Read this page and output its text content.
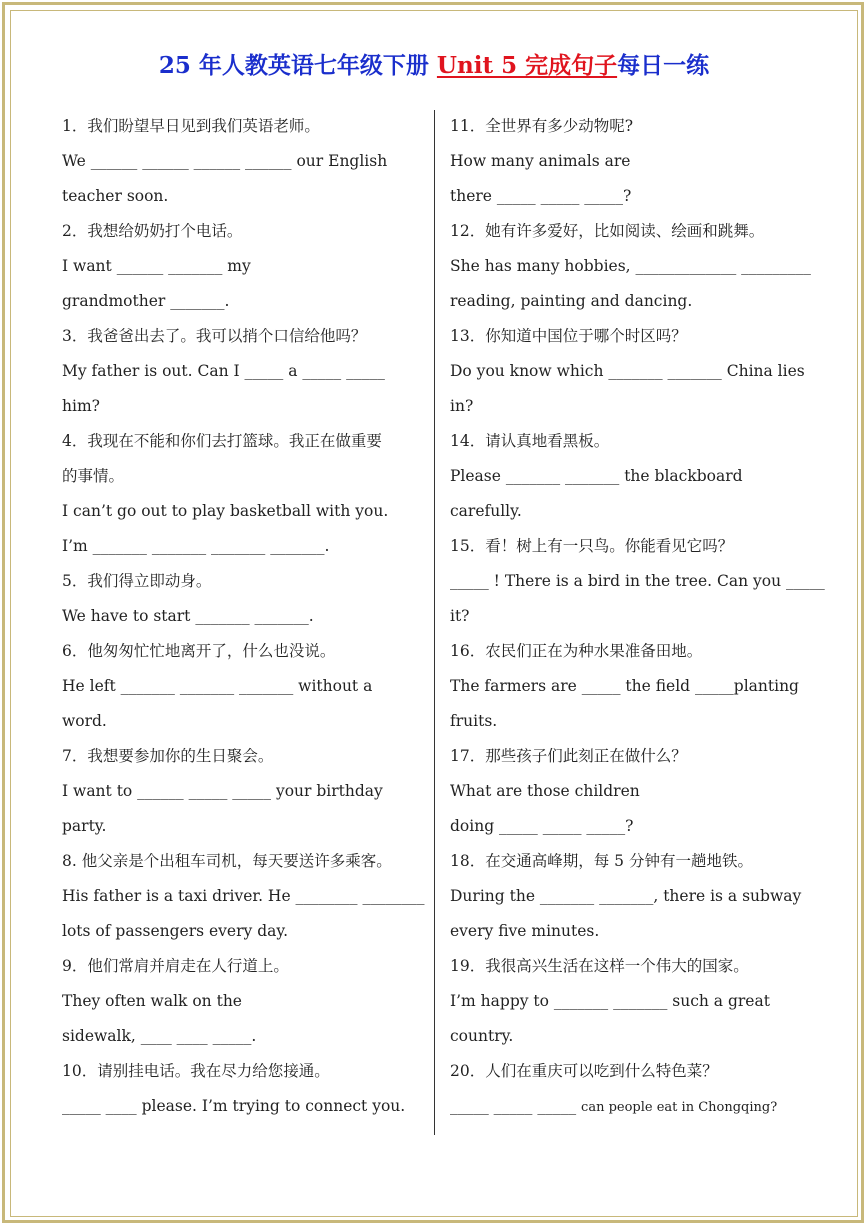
25 年人教英语七年级下册 Unit 5 完成句子每日一练
1．我们盼望早日见到我们英语老师。
We ______ ______ ______ ______ our English
teacher soon.
2．我想给奶奶打个电话。
I want ______ _______ my
grandmother _______.
3．我爸爸出去了。我可以捎个口信给他吗？
My father is out. Can I _____ a _____ _____
him?
4．我现在不能和你们去打篮球。我正在做重要
的事情。
I can’t go out to play basketball with you.
I’m _______ _______ _______ _______.
5．我们得立即动身。
We have to start _______ _______.
6．他匆匆忙忙地离开了，什么也没说。
He left _______ _______ _______ without a
word.
7．我想要参加你的生日聚会。
I want to ______ _____ _____ your birthday
party.
8. 他父亲是个出租车司机，每天要送许多乘客。
His father is a taxi driver. He ________ ________
lots of passengers every day.
9．他们常肩并肩走在人行道上。
They often walk on the
sidewalk, ____ ____ _____.
10．请别挂电话。我在尽力给您接通。
_____ ____ please. I’m trying to connect you.
11．全世界有多少动物呢?
How many animals are
there _____ _____ _____?
12．她有许多爱好，比如阅读、绘画和跳舞。
She has many hobbies, _____________ _________
reading, painting and dancing.
13．你知道中国位于哪个时区吗？
Do you know which _______ _______ China lies
in?
14．请认真地看黑板。
Please _______ _______ the blackboard
carefully.
15．看！树上有一只鸟。你能看见它吗？
_____ ! There is a bird in the tree. Can you _____
it?
16．农民们正在为种水果准备田地。
The farmers are _____ the field _____planting
fruits.
17．那些孩子们此刻正在做什么？
What are those children
doing _____ _____ _____?
18．在交通高峰期，每 5 分钟有一趟地铁。
During the _______ _______, there is a subway
every five minutes.
19．我很高兴生活在这样一个伟大的国家。
I’m happy to _______ _______ such a great
country.
20．人们在重庆可以吃到什么特色菜？
_____ _____ _____ can people eat in Chongqing?
